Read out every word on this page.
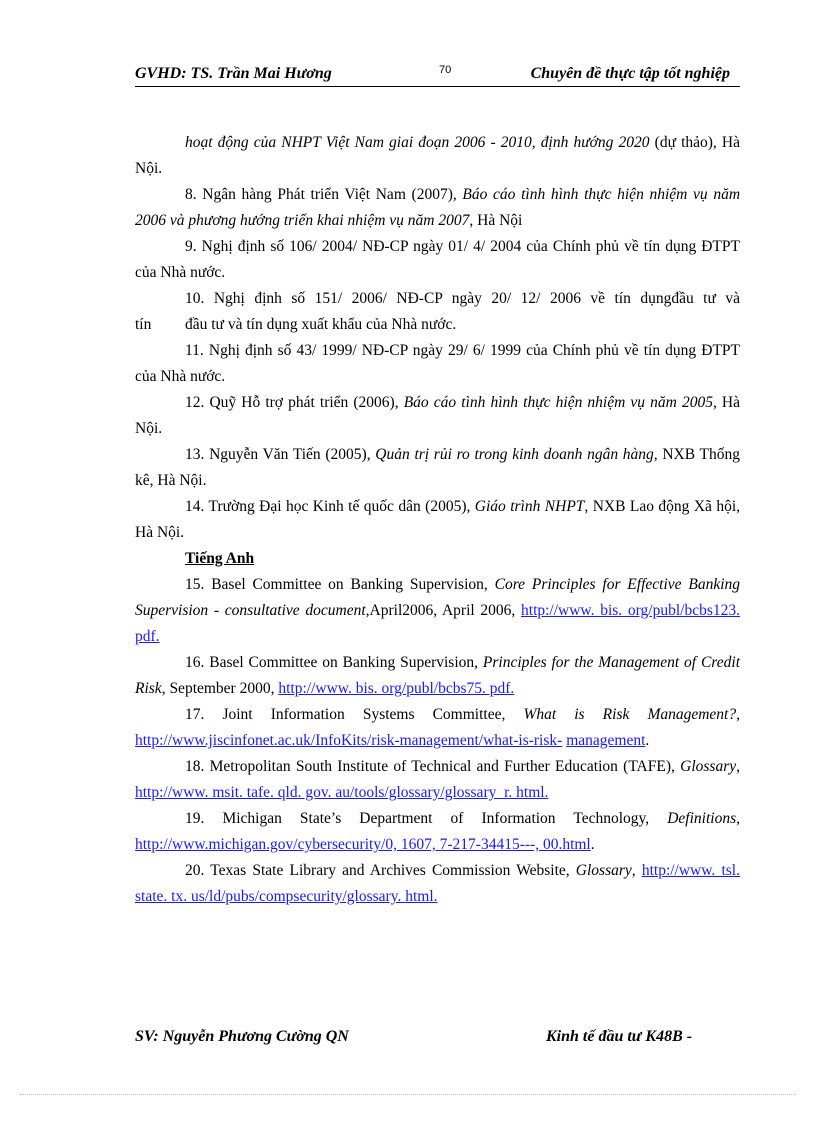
GVHD: TS. Trần Mai Hương	70	Chuyên đề thực tập tốt nghiệp

hoạt động của NHPT Việt Nam giai đoạn 2006 - 2010, định hướng 2020 (dự thảo), Hà Nội.

8. Ngân hàng Phát triển Việt Nam (2007), Báo cáo tình hình thực hiện nhiệm vụ năm 2006 và phương hướng triển khai nhiệm vụ năm 2007, Hà Nội

9. Nghị định số 106/ 2004/ NĐ-CP ngày 01/ 4/ 2004 của Chính phủ về tín dụng ĐTPT của Nhà nước.

10. Nghị định số 151/ 2006/ NĐ-CP ngày 20/ 12/ 2006 về tín dụngđầu tư và

tín	đầu tư và tín dụng xuất khẩu của Nhà nước.

11. Nghị định số 43/ 1999/ NĐ-CP ngày 29/ 6/ 1999 của Chính phủ về tín dụng ĐTPT của Nhà nước.

12. Quỹ Hỗ trợ phát triển (2006), Báo cáo tình hình thực hiện nhiệm vụ năm 2005, Hà Nội.

13. Nguyễn Văn Tiến (2005), Quản trị rủi ro trong kinh doanh ngân hàng, NXB Thống kê, Hà Nội.

14. Trường Đại học Kinh tế quốc dân (2005), Giáo trình NHPT, NXB Lao động Xã hội, Hà Nội.

Tiếng Anh

15. Basel Committee on Banking Supervision, Core Principles for Effective Banking Supervision - consultative document,April2006, April 2006, http://www. bis. org/publ/bcbs123. pdf.

16. Basel Committee on Banking Supervision, Principles for the Management of Credit Risk, September 2000, http://www. bis. org/publ/bcbs75. pdf.

17. Joint Information Systems Committee, What is Risk Management?, http://www.jiscinfonet.ac.uk/InfoKits/risk-management/what-is-risk- management.

18. Metropolitan South Institute of Technical and Further Education (TAFE), Glossary, http://www. msit. tafe. qld. gov. au/tools/glossary/glossary_r. html.

19. Michigan State’s Department of Information Technology, Definitions, http://www.michigan.gov/cybersecurity/0, 1607, 7-217-34415---, 00.html.

20. Texas State Library and Archives Commission Website, Glossary, http://www. tsl. state. tx. us/ld/pubs/compsecurity/glossary. html.

SV: Nguyễn Phương Cường QN	Kinh tế đầu tư K48B -
